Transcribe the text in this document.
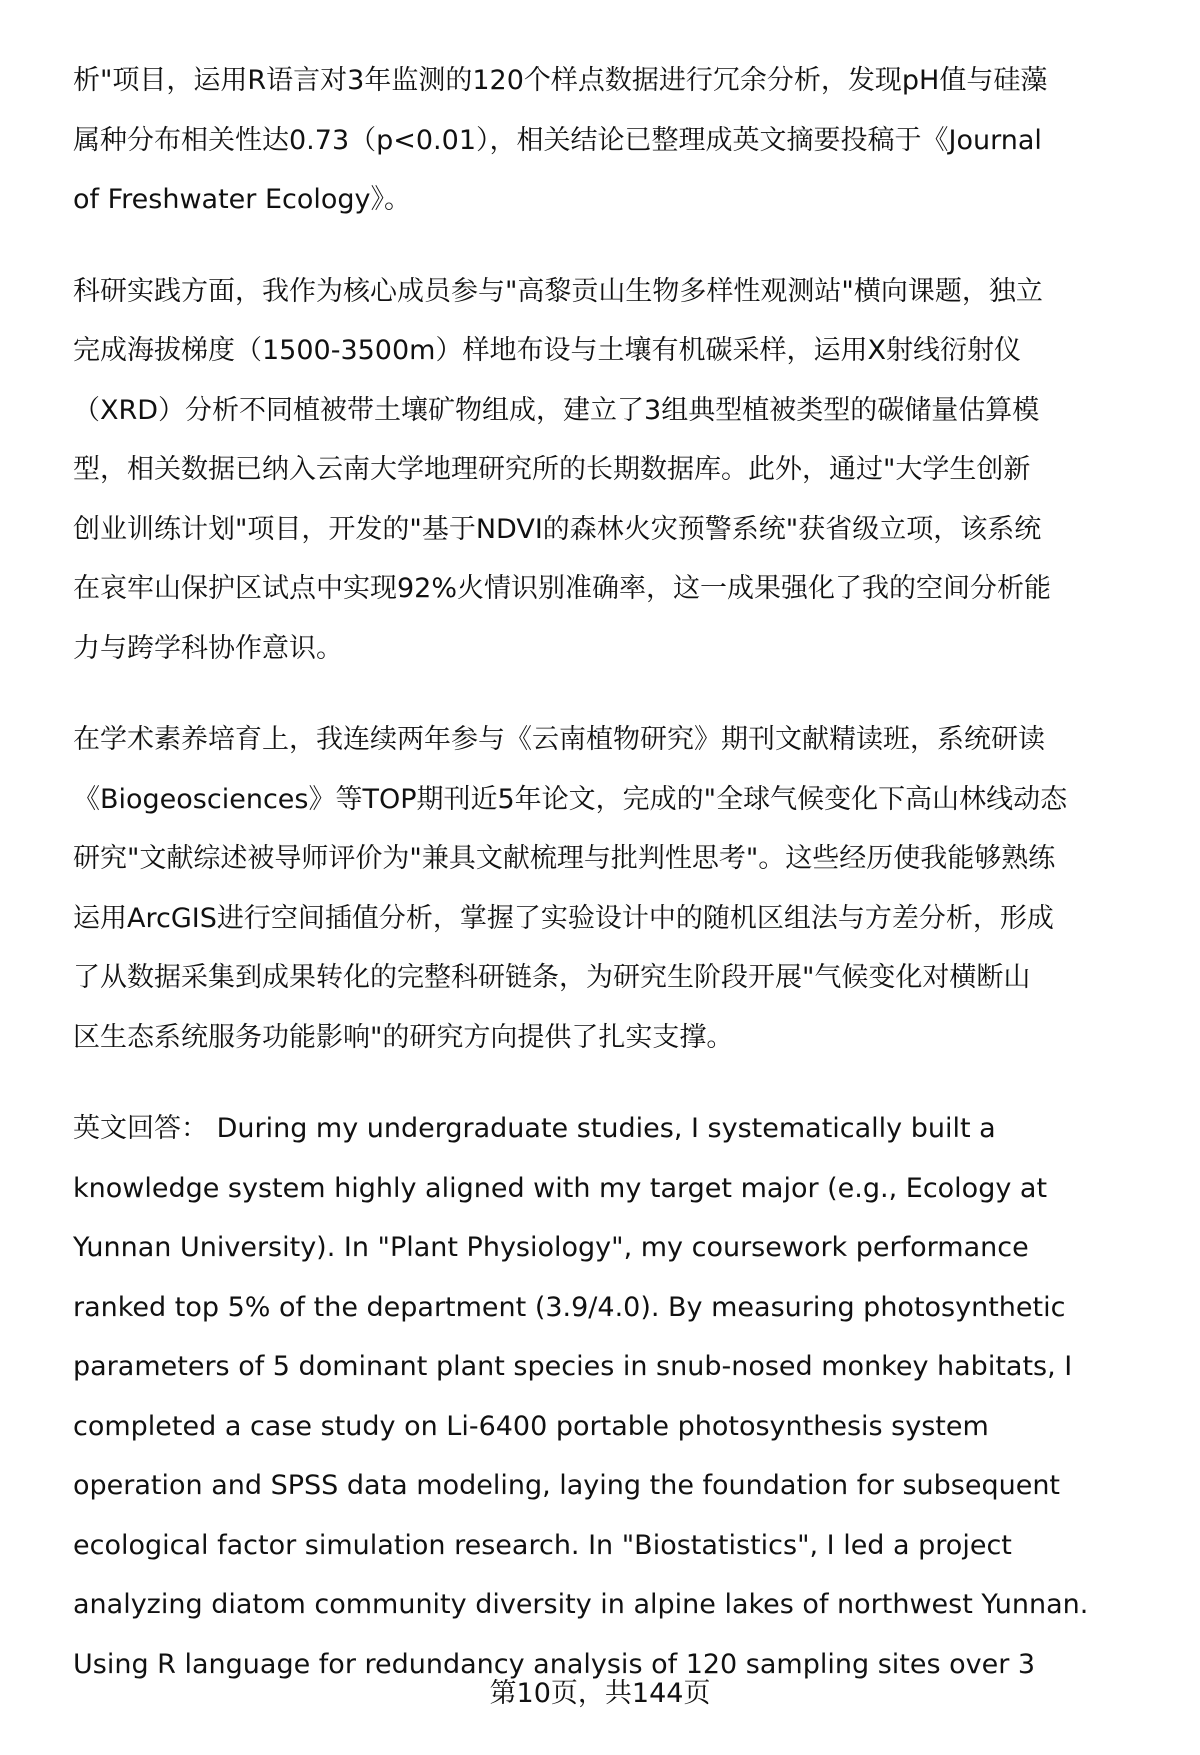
析"项目，运用R语言对3年监测的120个样点数据进行冗余分析，发现pH值与硅藻
属种分布相关性达0.73（p<0.01），相关结论已整理成英文摘要投稿于《Journal
of Freshwater Ecology》。
科研实践方面，我作为核心成员参与"高黎贡山生物多样性观测站"横向课题，独立
完成海拔梯度（1500-3500m）样地布设与土壤有机碳采样，运用X射线衍射仪
（XRD）分析不同植被带土壤矿物组成，建立了3组典型植被类型的碳储量估算模
型，相关数据已纳入云南大学地理研究所的长期数据库。此外，通过"大学生创新
创业训练计划"项目，开发的"基于NDVI的森林火灾预警系统"获省级立项，该系统
在哀牢山保护区试点中实现92%火情识别准确率，这一成果强化了我的空间分析能
力与跨学科协作意识。
在学术素养培育上，我连续两年参与《云南植物研究》期刊文献精读班，系统研读
《Biogeosciences》等TOP期刊近5年论文，完成的"全球气候变化下高山林线动态
研究"文献综述被导师评价为"兼具文献梳理与批判性思考"。这些经历使我能够熟练
运用ArcGIS进行空间插值分析，掌握了实验设计中的随机区组法与方差分析，形成
了从数据采集到成果转化的完整科研链条，为研究生阶段开展"气候变化对横断山
区生态系统服务功能影响"的研究方向提供了扎实支撑。
英文回答： During my undergraduate studies, I systematically built a
knowledge system highly aligned with my target major (e.g., Ecology at
Yunnan University). In "Plant Physiology", my coursework performance
ranked top 5% of the department (3.9/4.0). By measuring photosynthetic
parameters of 5 dominant plant species in snub-nosed monkey habitats, I
completed a case study on Li-6400 portable photosynthesis system
operation and SPSS data modeling, laying the foundation for subsequent
ecological factor simulation research. In "Biostatistics", I led a project
analyzing diatom community diversity in alpine lakes of northwest Yunnan.
Using R language for redundancy analysis of 120 sampling sites over 3
第10页，共144页
